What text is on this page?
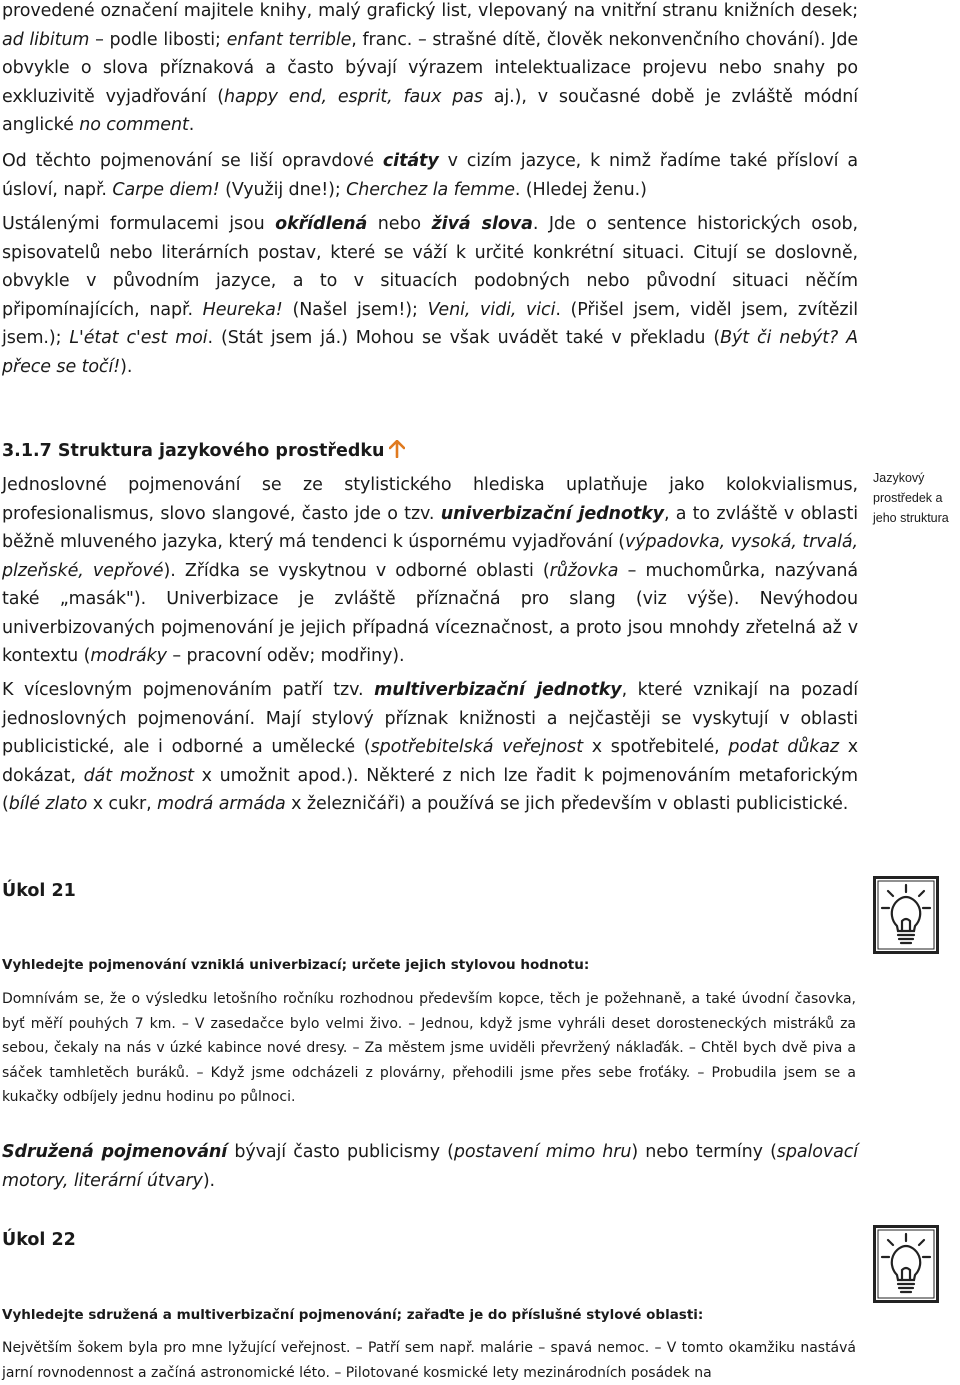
provedené označení majitele knihy, malý grafický list, vlepovaný na vnitřní stranu knižních desek; ad libitum – podle libosti; enfant terrible, franc. – strašné dítě, člověk nekonvenčního chování). Jde obvykle o slova příznaková a často bývají výrazem intelektualizace projevu nebo snahy po exkluzivitě vyjadřování (happy end, esprit, faux pas aj.), v současné době je zvláště módní anglické no comment.

Od těchto pojmenování se liší opravdové citáty v cizím jazyce, k nimž řadíme také přísloví a úsloví, např. Carpe diem! (Využij dne!); Cherchez la femme. (Hledej ženu.)

Ustálenými formulacemi jsou okřídlená nebo živá slova. Jde o sentence historických osob, spisovatelů nebo literárních postav, které se váží k určité konkrétní situaci. Citují se doslovně, obvykle v původním jazyce, a to v situacích podobných nebo původní situaci něčím připomínajících, např. Heureka! (Našel jsem!); Veni, vidi, vici. (Přišel jsem, viděl jsem, zvítězil jsem.); L'état c'est moi. (Stát jsem já.) Mohou se však uvádět také v překladu (Být či nebýt? A přece se točí!).

3.1.7 Struktura jazykového prostředku
Jazykový prostředek a jeho struktura

Jednoslovné pojmenování se ze stylistického hlediska uplatňuje jako kolokvialismus, profesionalismus, slovo slangové, často jde o tzv. univerbizační jednotky, a to zvláště v oblasti běžně mluveného jazyka, který má tendenci k úspornému vyjadřování (výpadovka, vysoká, trvalá, plzeňské, vepřové). Zřídka se vyskytnou v odborné oblasti (růžovka – muchomůrka, nazývaná také „masák"). Univerbizace je zvláště příznačná pro slang (viz výše). Nevýhodou univerbizovaných pojmenování je jejich případná víceznačnost, a proto jsou mnohdy zřetelná až v kontextu (modráky – pracovní oděv; modřiny).

K víceslovným pojmenováním patří tzv. multiverbizační jednotky, které vznikají na pozadí jednoslovných pojmenování. Mají stylový příznak knižnosti a nejčastěji se vyskytují v oblasti publicistické, ale i odborné a umělecké (spotřebitelská veřejnost x spotřebitelé, podat důkaz x dokázat, dát možnost x umožnit apod.). Některé z nich lze řadit k pojmenováním metaforickým (bílé zlato x cukr, modrá armáda x železničáři) a používá se jich především v oblasti publicistické.

Úkol 21
Vyhledejte pojmenování vzniklá univerbizací; určete jejich stylovou hodnotu:
Domnívám se, že o výsledku letošního ročníku rozhodnou především kopce, těch je požehnaně, a také úvodní časovka, byť měří pouhých 7 km. – V zasedačce bylo velmi živo. – Jednou, když jsme vyhráli deset dorosteneckých mistráků za sebou, čekaly na nás v úzké kabince nové dresy. – Za městem jsme uviděli převržený náklaďák. – Chtěl bych dvě piva a sáček tamhletěch buráků. – Když jsme odcházeli z plovárny, přehodili jsme přes sebe froťáky. – Probudila jsem se a kukačky odbíjely jednu hodinu po půlnoci.

Sdružená pojmenování bývají často publicismy (postavení mimo hru) nebo termíny (spalovací motory, literární útvary).

Úkol 22
Vyhledejte sdružená a multiverbizační pojmenování; zařaďte je do příslušné stylové oblasti:
Největším šokem byla pro mne lyžující veřejnost. – Patří sem např. malárie – spavá nemoc. – V tomto okamžiku nastává jarní rovnodennost a začíná astronomické léto. – Pilotované kosmické lety mezinárodních posádek na
